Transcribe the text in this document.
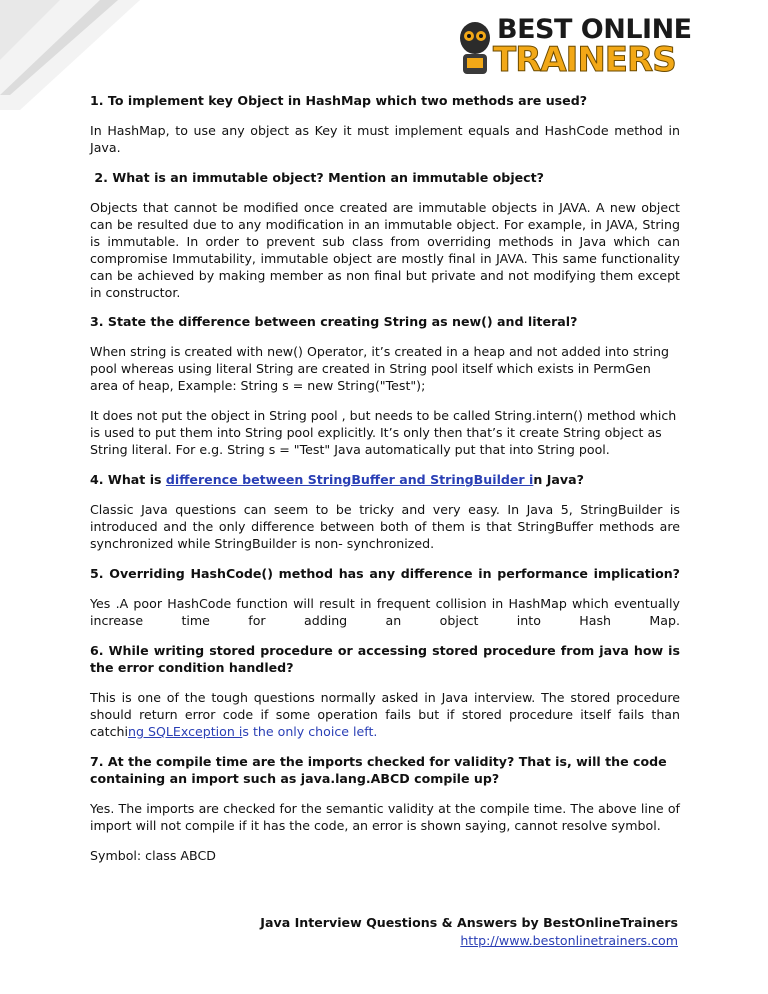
BEST ONLINE
TRAINERS
1. To implement key Object in HashMap which two methods are used?
In HashMap, to use any object as Key it must implement equals and HashCode method in Java.
2. What is an immutable object? Mention an immutable object?
Objects that cannot be modified once created are immutable objects in JAVA. A new object can be resulted due to any modification in an immutable object. For example, in JAVA, String is immutable. In order to prevent sub class from overriding methods in Java which can compromise Immutability, immutable object are mostly final in JAVA. This same functionality can be achieved by making member as non final but private and not modifying them except in constructor.
3. State the difference between creating String as new() and literal?
When string is created with new() Operator, it’s created in a heap and not added into string pool whereas using literal String are created in String pool itself which exists in PermGen area of heap, Example: String s = new String("Test");
It does not put the object in String pool , but needs to be called String.intern() method which is used to put them into String pool explicitly. It’s only then that’s it create String object as String literal. For e.g. String s = "Test" Java automatically put that into String pool.
4. What is difference between StringBuffer and StringBuilder in Java?
Classic Java questions can seem to be tricky and very easy. In Java 5, StringBuilder is introduced and the only difference between both of them is that StringBuffer methods are synchronized while StringBuilder is non- synchronized.
5. Overriding HashCode() method has any difference in performance implication?
Yes .A poor HashCode function will result in frequent collision in HashMap which eventually increase time for adding an object into Hash Map.
6. While writing stored procedure or accessing stored procedure from java how is the error condition handled?
This is one of the tough questions normally asked in Java interview. The stored procedure should return error code if some operation fails but if stored procedure itself fails than catching SQLException is the only choice left.
7. At the compile time are the imports checked for validity? That is, will the code containing an import such as java.lang.ABCD compile up?
Yes. The imports are checked for the semantic validity at the compile time. The above line of import will not compile if it has the code, an error is shown saying, cannot resolve symbol.
Symbol: class ABCD
Java Interview Questions & Answers by BestOnlineTrainers
http://www.bestonlinetrainers.com
